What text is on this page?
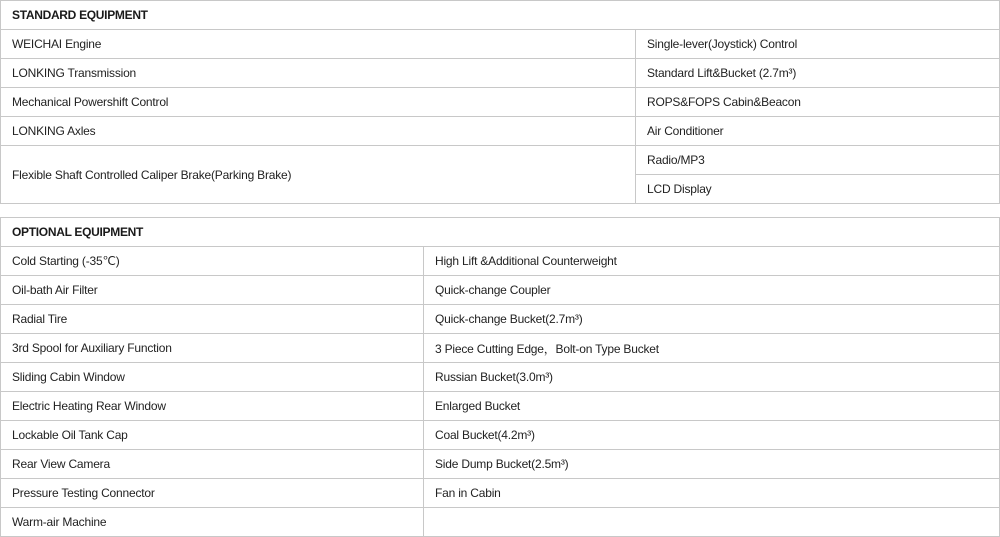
STANDARD EQUIPMENT	
WEICHAI Engine	Single-lever(Joystick) Control
LONKING Transmission	Standard Lift&Bucket (2.7m³)
Mechanical Powershift Control	ROPS&FOPS Cabin&Beacon
LONKING Axles	Air Conditioner
Flexible Shaft Controlled Caliper Brake(Parking Brake)	Radio/MP3
	LCD Display
OPTIONAL EQUIPMENT	
Cold Starting (-35℃)	High Lift &Additional Counterweight
Oil-bath Air Filter	Quick-change Coupler
Radial Tire	Quick-change Bucket(2.7m³)
3rd Spool for Auxiliary Function	3 Piece Cutting Edge，Bolt-on Type Bucket
Sliding Cabin Window	Russian Bucket(3.0m³)
Electric Heating Rear Window	Enlarged Bucket
Lockable Oil Tank Cap	Coal Bucket(4.2m³)
Rear View Camera	Side Dump Bucket(2.5m³)
Pressure Testing Connector	Fan in Cabin
Warm-air Machine	
